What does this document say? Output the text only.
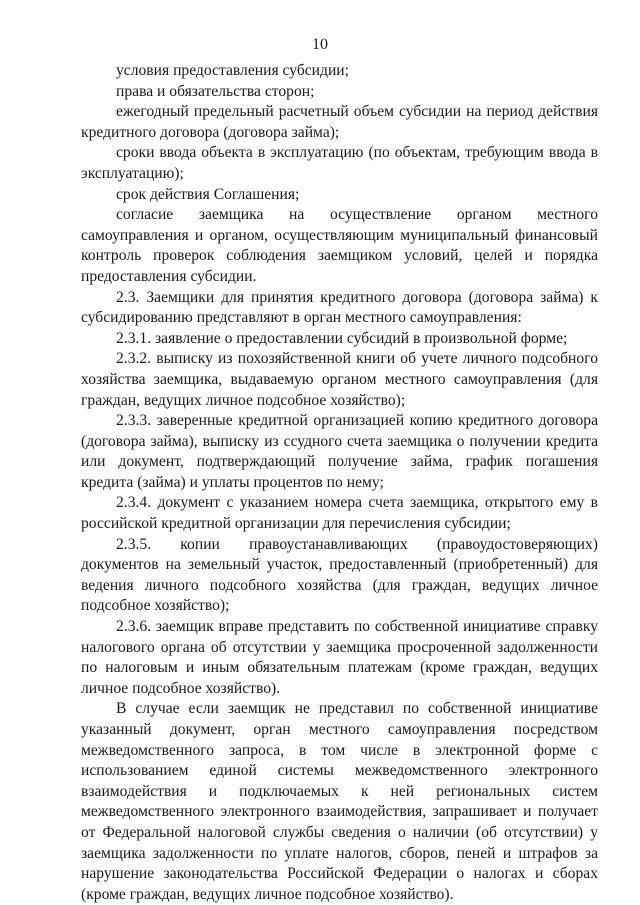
10

условия предоставления субсидии;

права и обязательства сторон;

ежегодный предельный расчетный объем субсидии на период действия кредитного договора (договора займа);

сроки ввода объекта в эксплуатацию (по объектам, требующим ввода в эксплуатацию);

срок действия Соглашения;

согласие заемщика на осуществление органом местного самоуправления и органом, осуществляющим муниципальный финансовый контроль проверок соблюдения заемщиком условий, целей и порядка предоставления субсидии.

2.3. Заемщики для принятия кредитного договора (договора займа) к субсидированию представляют в орган местного самоуправления:

2.3.1. заявление о предоставлении субсидий в произвольной форме;

2.3.2. выписку из похозяйственной книги об учете личного подсобного хозяйства заемщика, выдаваемую органом местного самоуправления (для граждан, ведущих личное подсобное хозяйство);

2.3.3. заверенные кредитной организацией копию кредитного договора (договора займа), выписку из ссудного счета заемщика о получении кредита или документ, подтверждающий получение займа, график погашения кредита (займа) и уплаты процентов по нему;

2.3.4. документ с указанием номера счета заемщика, открытого ему в российской кредитной организации для перечисления субсидии;

2.3.5. копии правоустанавливающих (правоудостоверяющих) документов на земельный участок, предоставленный (приобретенный) для ведения личного подсобного хозяйства (для граждан, ведущих личное подсобное хозяйство);

2.3.6. заемщик вправе представить по собственной инициативе справку налогового органа об отсутствии у заемщика просроченной задолженности по налоговым и иным обязательным платежам (кроме граждан, ведущих личное подсобное хозяйство).

В случае если заемщик не представил по собственной инициативе указанный документ, орган местного самоуправления посредством межведомственного запроса, в том числе в электронной форме с использованием единой системы межведомственного электронного взаимодействия и подключаемых к ней региональных систем межведомственного электронного взаимодействия, запрашивает и получает от Федеральной налоговой службы сведения о наличии (об отсутствии) у заемщика задолженности по уплате налогов, сборов, пеней и штрафов за нарушение законодательства Российской Федерации о налогах и сборах (кроме граждан, ведущих личное подсобное хозяйство).
